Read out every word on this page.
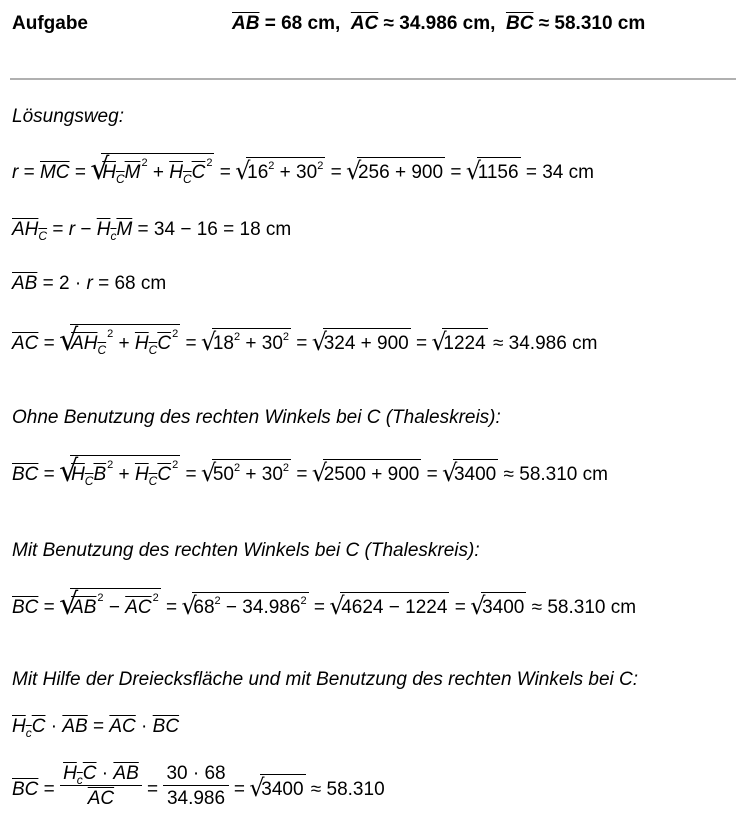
Aufgabe	$\overline{AB} = 68$ cm,  $\overline{AC} \approx 34.986$ cm,  $\overline{BC} \approx 58.310$ cm
Lösungsweg:
$r = \overline{MC}$ = √ $H_CM^2 + H_CC^2$ = √ $16^2 + 30^2$ = √ 256 + 900 = √ 1156 = 34 cm
$AH_C = r - H_cM = 34 - 16 = 18$ cm
$\overline{AB} = 2 \cdot r = 68$ cm
$\overline{AC}$ = √ $AH_C^2 + H_CC^2$ = √ $18^2 + 30^2$ = √ 324 + 900 = √ 1224 ≈ 34.986 cm
Ohne Benutzung des rechten Winkels bei C (Thaleskreis):
$\overline{BC}$ = √ $H_CB^2 + H_CC^2$ = √ $50^2 + 30^2$ = √ 2500 + 900 = √ 3400 ≈ 58.310 cm
Mit Benutzung des rechten Winkels bei C (Thaleskreis):
$\overline{BC}$ = √ $\overline{AB}^2 - \overline{AC}^2$ = √ $68^2 - 34.986^2$ = √ 4624 − 1224 = √ 3400 ≈ 58.310 cm
Mit Hilfe der Dreiecksfläche und mit Benutzung des rechten Winkels bei C:
$H_cC \cdot \overline{AB} = \overline{AC} \cdot \overline{BC}$
$\overline{BC} = \frac{H_cC \cdot \overline{AB}}{AC} = \frac{30 \cdot 68}{34.986}$ = √ 3400 ≈ 58.310
